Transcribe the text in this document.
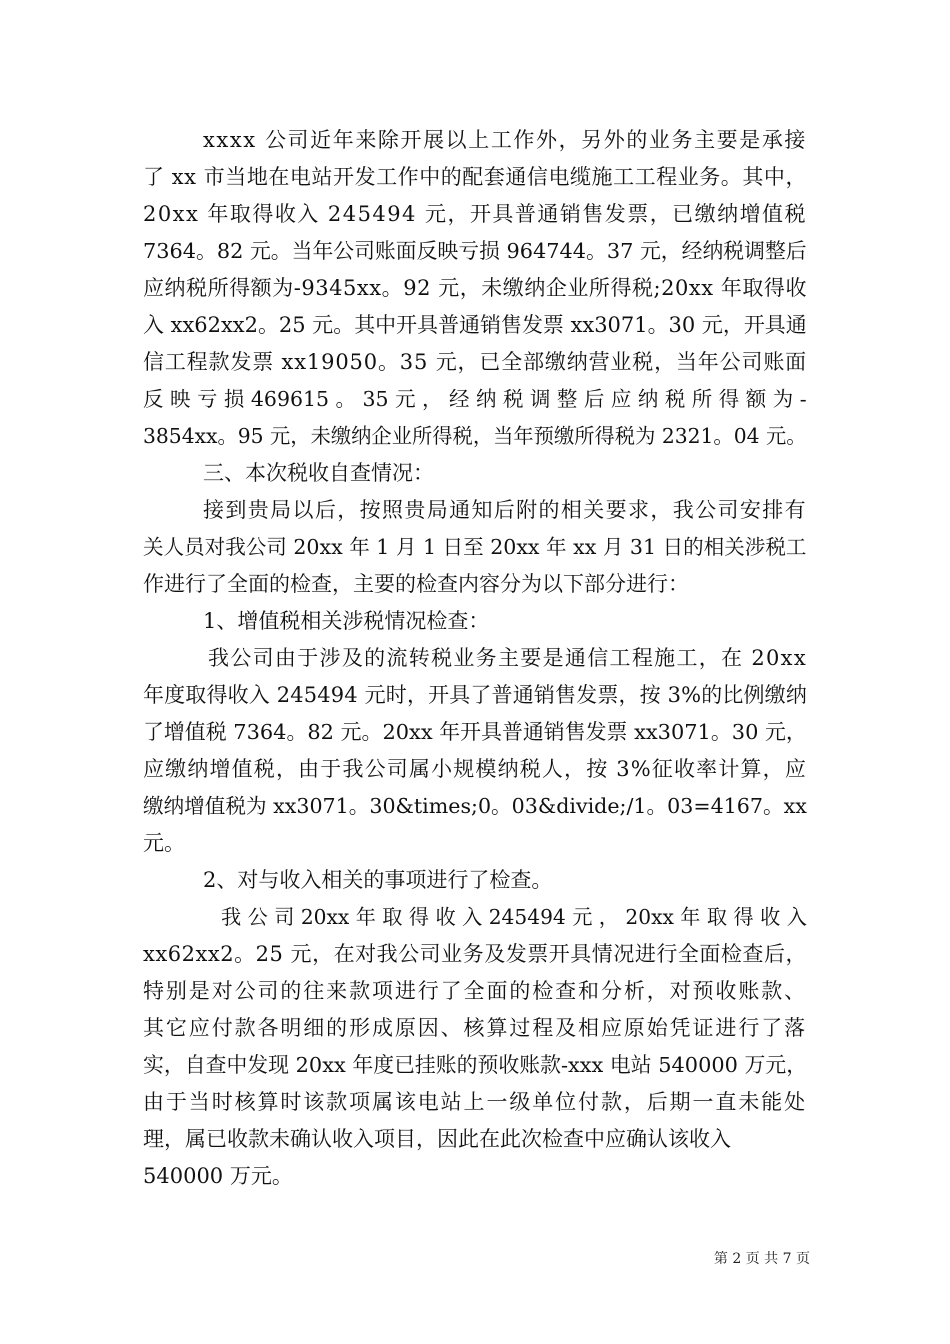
xxxx 公司近年来除开展以上工作外，另外的业务主要是承接
了 xx 市当地在电站开发工作中的配套通信电缆施工工程业务。其中，
20xx 年取得收入 245494 元，开具普通销售发票，已缴纳增值税
7364。82 元。当年公司账面反映亏损 964744。37 元，经纳税调整后
应纳税所得额为-9345xx。92 元，未缴纳企业所得税;20xx 年取得收
入 xx62xx2。25 元。其中开具普通销售发票 xx3071。30 元，开具通
信工程款发票 xx19050。35 元，已全部缴纳营业税，当年公司账面
反 映 亏 损 469615 。 35 元 ， 经 纳 税 调 整 后 应 纳 税 所 得 额 为 -
3854xx。95 元，未缴纳企业所得税，当年预缴所得税为 2321。04 元。
三、本次税收自查情况：
接到贵局以后，按照贵局通知后附的相关要求，我公司安排有
关人员对我公司 20xx 年 1 月 1 日至 20xx 年 xx 月 31 日的相关涉税工
作进行了全面的检查，主要的检查内容分为以下部分进行：
1、增值税相关涉税情况检查：
我公司由于涉及的流转税业务主要是通信工程施工，在 20xx
年度取得收入 245494 元时，开具了普通销售发票，按 3%的比例缴纳
了增值税 7364。82 元。20xx 年开具普通销售发票 xx3071。30 元，
应缴纳增值税，由于我公司属小规模纳税人，按 3%征收率计算，应
缴纳增值税为 xx3071。30&times;0。03&divide;/1。03=4167。xx
元。
2、对与收入相关的事项进行了检查。
我 公 司 20xx 年 取 得 收 入 245494 元 ， 20xx 年 取 得 收 入
xx62xx2。25 元，在对我公司业务及发票开具情况进行全面检查后，
特别是对公司的往来款项进行了全面的检查和分析，对预收账款、
其它应付款各明细的形成原因、核算过程及相应原始凭证进行了落
实，自查中发现 20xx 年度已挂账的预收账款-xxx 电站 540000 万元，
由于当时核算时该款项属该电站上一级单位付款，后期一直未能处
理，属已收款未确认收入项目，因此在此次检查中应确认该收入
540000 万元。
第 2 页 共 7 页
